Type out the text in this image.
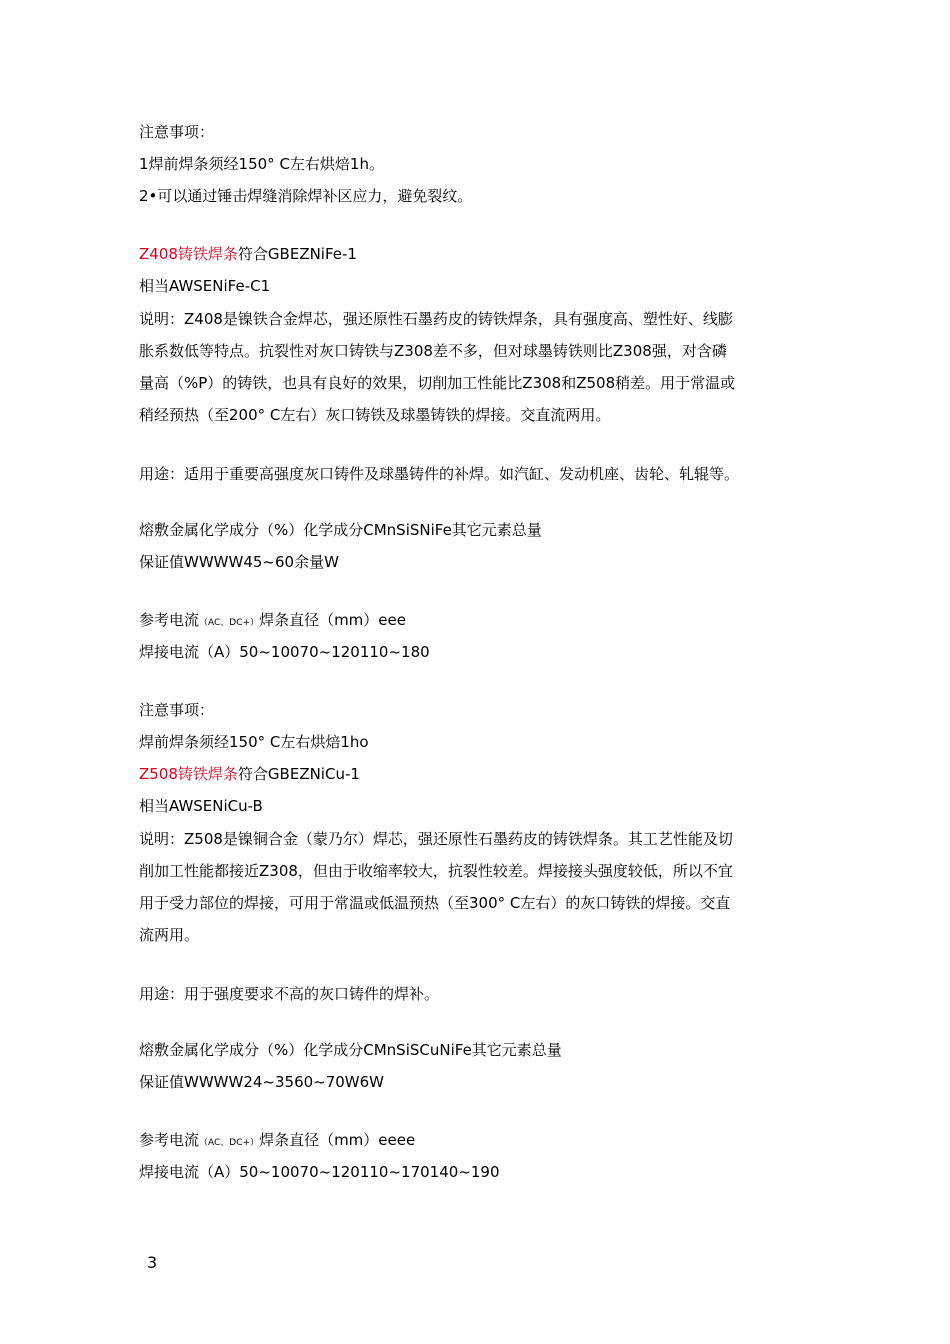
注意事项：

1焊前焊条须经150° C左右烘焙1h。

2•可以通过锤击焊缝消除焊补区应力，避免裂纹。

Z408铸铁焊条符合GBEZNiFe-1

相当AWSENiFe-C1

说明：Z408是镍铁合金焊芯，强还原性石墨药皮的铸铁焊条，具有强度高、塑性好、线膨

胀系数低等特点。抗裂性对灰口铸铁与Z308差不多，但对球墨铸铁则比Z308强，对含磷

量高（%P）的铸铁，也具有良好的效果，切削加工性能比Z308和Z508稍差。用于常温或

稍经预热（至200° C左右）灰口铸铁及球墨铸铁的焊接。交直流两用。

用途：适用于重要高强度灰口铸件及球墨铸件的补焊。如汽缸、发动机座、齿轮、轧辊等。

熔敷金属化学成分（%）化学成分CMnSiSNiFe其它元素总量

保证值WWWW45~60余量W

参考电流（AC、DC+）焊条直径（mm）eee

焊接电流（A）50~10070~120110~180

注意事项：

焊前焊条须经150° C左右烘焙1ho

Z508铸铁焊条符合GBEZNiCu-1

相当AWSENiCu-B

说明：Z508是镍铜合金（蒙乃尔）焊芯，强还原性石墨药皮的铸铁焊条。其工艺性能及切

削加工性能都接近Z308，但由于收缩率较大，抗裂性较差。焊接接头强度较低，所以不宜

用于受力部位的焊接，可用于常温或低温预热（至300° C左右）的灰口铸铁的焊接。交直

流两用。

用途：用于强度要求不高的灰口铸件的焊补。

熔敷金属化学成分（%）化学成分CMnSiSCuNiFe其它元素总量

保证值WWWW24~3560~70W6W

参考电流（AC、DC+）焊条直径（mm）eeee

焊接电流（A）50~10070~120110~170140~190

3
